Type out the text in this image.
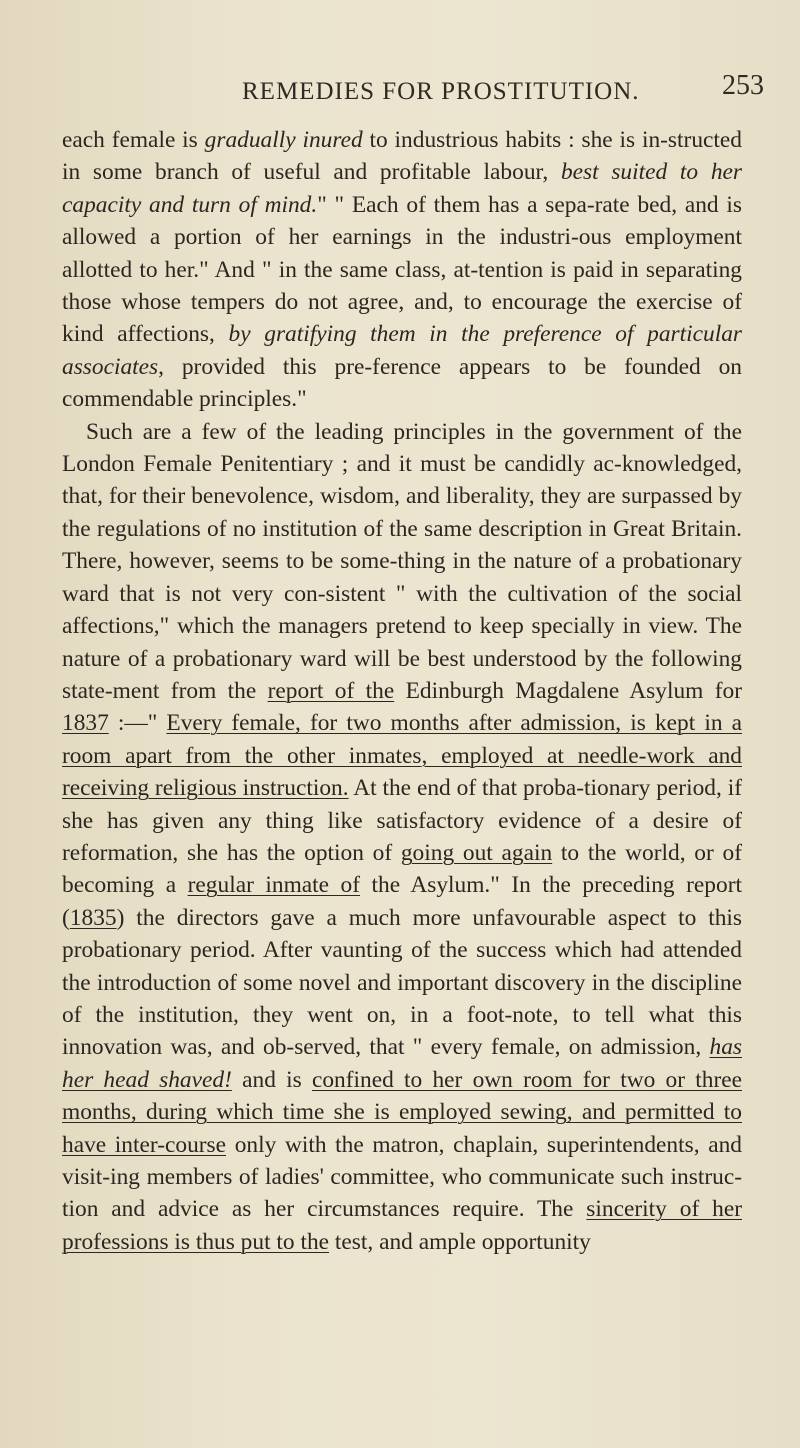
REMEDIES FOR PROSTITUTION.	253

each female is gradually inured to industrious habits : she is in-structed in some branch of useful and profitable labour, best suited to her capacity and turn of mind." " Each of them has a sepa-rate bed, and is allowed a portion of her earnings in the industri-ous employment allotted to her." And " in the same class, at-tention is paid in separating those whose tempers do not agree, and, to encourage the exercise of kind affections, by gratifying them in the preference of particular associates, provided this pre-ference appears to be founded on commendable principles."

Such are a few of the leading principles in the government of the London Female Penitentiary ; and it must be candidly ac-knowledged, that, for their benevolence, wisdom, and liberality, they are surpassed by the regulations of no institution of the same description in Great Britain. There, however, seems to be some-thing in the nature of a probationary ward that is not very con-sistent " with the cultivation of the social affections," which the managers pretend to keep specially in view. The nature of a probationary ward will be best understood by the following state-ment from the report of the Edinburgh Magdalene Asylum for 1837 :—" Every female, for two months after admission, is kept in a room apart from the other inmates, employed at needle-work and receiving religious instruction. At the end of that proba-tionary period, if she has given any thing like satisfactory evidence of a desire of reformation, she has the option of going out again to the world, or of becoming a regular inmate of the Asylum." In the preceding report (1835) the directors gave a much more unfavourable aspect to this probationary period. After vaunting of the success which had attended the introduction of some novel and important discovery in the discipline of the institution, they went on, in a foot-note, to tell what this innovation was, and ob-served, that " every female, on admission, has her head shaved! and is confined to her own room for two or three months, during which time she is employed sewing, and permitted to have inter-course only with the matron, chaplain, superintendents, and visit-ing members of ladies' committee, who communicate such instruc-tion and advice as her circumstances require. The sincerity of her professions is thus put to the test, and ample opportunity
